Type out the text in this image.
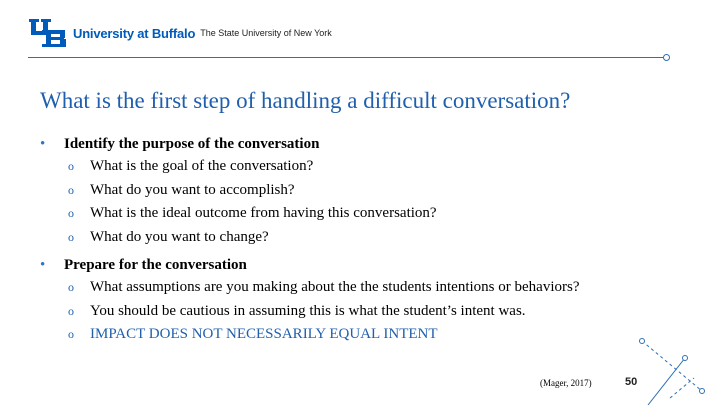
University at Buffalo The State University of New York
What is the first step of handling a difficult conversation?
•	Identify the purpose of the conversation
o	What is the goal of the conversation?
o	What do you want to accomplish?
o	What is the ideal outcome from having this conversation?
o	What do you want to change?
•	Prepare for the conversation
o	What assumptions are you making about the the students intentions or behaviors?
o	You should be cautious in assuming this is what the student’s intent was.
o	IMPACT DOES NOT NECESSARILY EQUAL INTENT
(Mager, 2017)	50
